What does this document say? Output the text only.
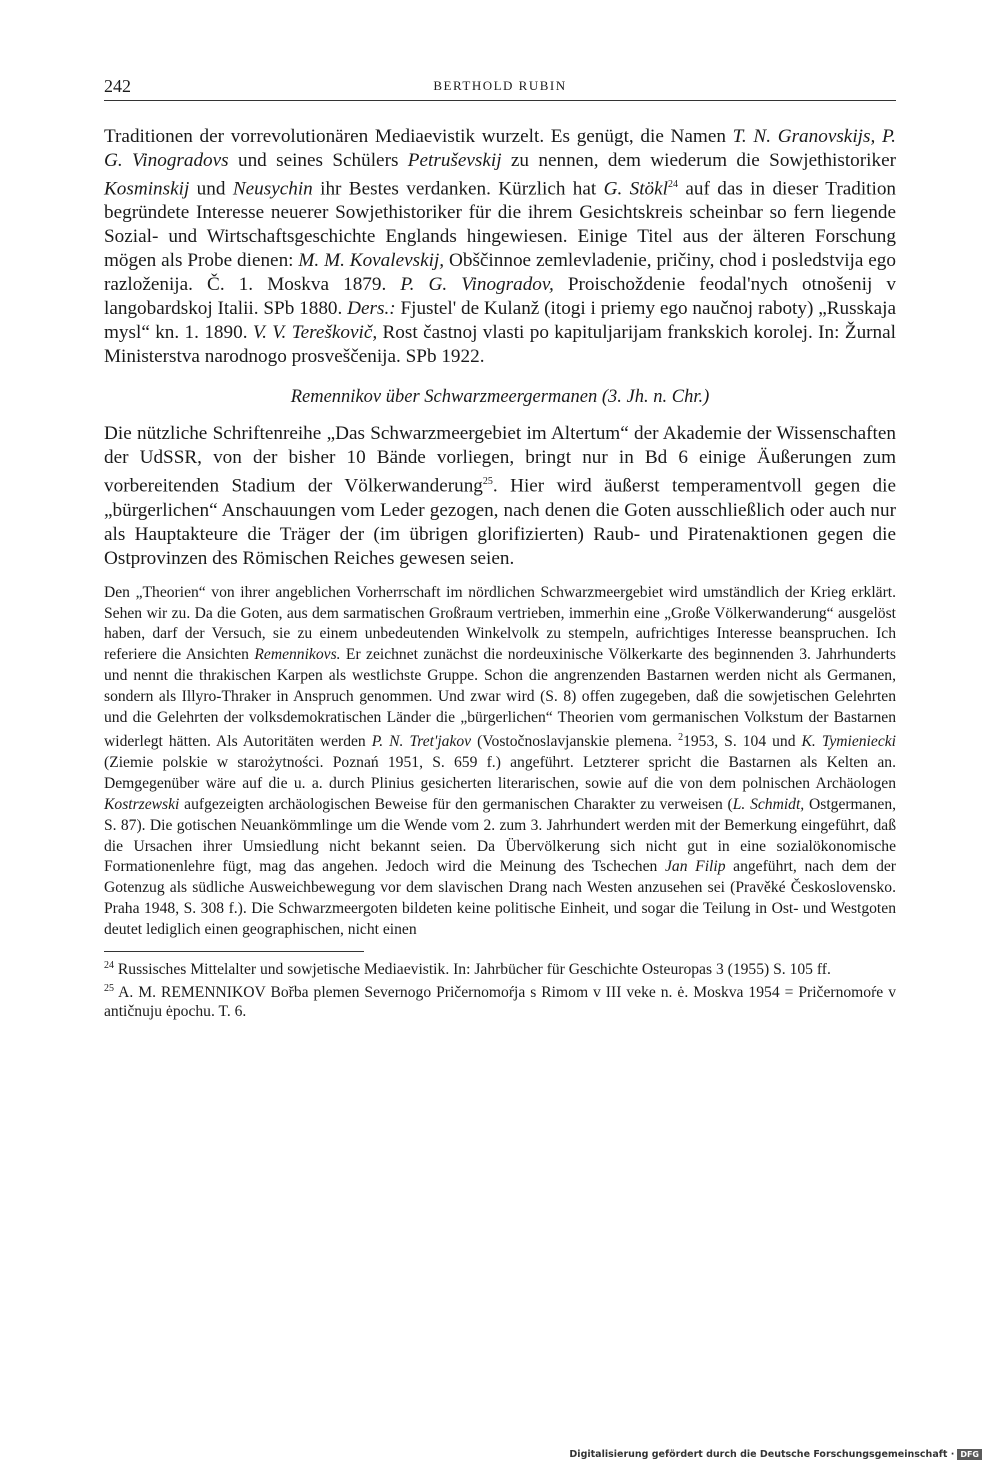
242	BERTHOLD RUBIN

Traditionen der vorrevolutionären Mediaevistik wurzelt. Es genügt, die Namen T. N. Granovskijs, P. G. Vinogradovs und seines Schülers Petruševskij zu nennen, dem wiederum die Sowjethistoriker Kosminskij und Neusychin ihr Bestes verdanken. Kürzlich hat G. Stökl$^{24}$ auf das in dieser Tradition begründete Interesse neuerer Sowjethistoriker für die ihrem Gesichtskreis scheinbar so fern liegende Sozial- und Wirtschaftsgeschichte Englands hingewiesen. Einige Titel aus der älteren Forschung mögen als Probe dienen: M. M. Kovalevskij, Obščinnoe zemlevladenie, pričiny, chod i posledstvija ego razloženija. Č. 1. Moskva 1879. P. G. Vinogradov, Proischoždenie feodal'nych otnošenij v langobardskoj Italii. SPb 1880. Ders.: Fjustel' de Kulanž (itogi i priemy ego naučnoj raboty) „Russkaja mysl“ kn. 1. 1890. V. V. Tereškovič, Rost častnoj vlasti po kapituljarijam frankskich korolej. In: Žurnal Ministerstva narodnogo prosveščenija. SPb 1922.

Remennikov über Schwarzmeergermanen (3. Jh. n. Chr.)

Die nützliche Schriftenreihe „Das Schwarzmeergebiet im Altertum“ der Akademie der Wissenschaften der UdSSR, von der bisher 10 Bände vorliegen, bringt nur in Bd 6 einige Äußerungen zum vorbereitenden Stadium der Völkerwanderung$^{25}$. Hier wird äußerst temperamentvoll gegen die „bürgerlichen“ Anschauungen vom Leder gezogen, nach denen die Goten ausschließlich oder auch nur als Hauptakteure die Träger der (im übrigen glorifizierten) Raub- und Piratenaktionen gegen die Ostprovinzen des Römischen Reiches gewesen seien.

Den „Theorien“ von ihrer angeblichen Vorherrschaft im nördlichen Schwarzmeergebiet wird umständlich der Krieg erklärt. Sehen wir zu. Da die Goten, aus dem sarmatischen Großraum vertrieben, immerhin eine „Große Völkerwanderung“ ausgelöst haben, darf der Versuch, sie zu einem unbedeutenden Winkelvolk zu stempeln, aufrichtiges Interesse beanspruchen. Ich referiere die Ansichten Remennikovs. Er zeichnet zunächst die nordeuxinische Völkerkarte des beginnenden 3. Jahrhunderts und nennt die thrakischen Karpen als westlichste Gruppe. Schon die angrenzenden Bastarnen werden nicht als Germanen, sondern als Illyro-Thraker in Anspruch genommen. Und zwar wird (S. 8) offen zugegeben, daß die sowjetischen Gelehrten und die Gelehrten der volksdemokratischen Länder die „bürgerlichen“ Theorien vom germanischen Volkstum der Bastarnen widerlegt hätten. Als Autoritäten werden P. N. Tret'jakov (Vostočnoslavjanskie plemena. $^2$1953, S. 104 und K. Tymieniecki (Ziemie polskie w starożytności. Poznań 1951, S. 659 f.) angeführt. Letzterer spricht die Bastarnen als Kelten an. Demgegenüber wäre auf die u. a. durch Plinius gesicherten literarischen, sowie auf die von dem polnischen Archäologen Kostrzewski aufgezeigten archäologischen Beweise für den germanischen Charakter zu verweisen (L. Schmidt, Ostgermanen, S. 87). Die gotischen Neuankömmlinge um die Wende vom 2. zum 3. Jahrhundert werden mit der Bemerkung eingeführt, daß die Ursachen ihrer Umsiedlung nicht bekannt seien. Da Übervölkerung sich nicht gut in eine sozialökonomische Formationenlehre fügt, mag das angehen. Jedoch wird die Meinung des Tschechen Jan Filip angeführt, nach dem der Gotenzug als südliche Ausweichbewegung vor dem slavischen Drang nach Westen anzusehen sei (Pravěké Československo. Praha 1948, S. 308 f.). Die Schwarzmeergoten bildeten keine politische Einheit, und sogar die Teilung in Ost- und Westgoten deutet lediglich einen geographischen, nicht einen

$^{24}$ Russisches Mittelalter und sowjetische Mediaevistik. In: Jahrbücher für Geschichte Osteuropas 3 (1955) S. 105 ff.

$^{25}$ A. M. REMENNIKOV Bořba plemen Severnogo Pričernomoŕja s Rimom v III veke n. ė. Moskva 1954 = Pričernomoŕe v antičnuju ėpochu. T. 6.

Digitalisierung gefördert durch die Deutsche Forschungsgemeinschaft · DFG
